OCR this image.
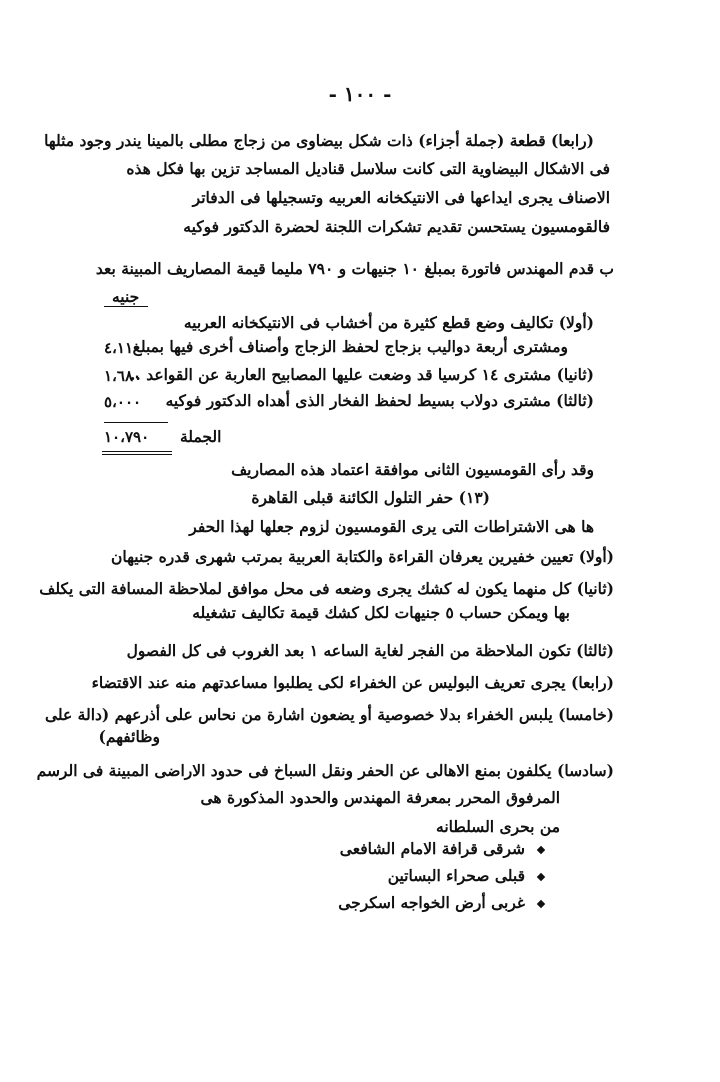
- ١٠٠ -
(رابعا) قطعة (جملة أجزاء) ذات شكل بيضاوى من زجاج مطلى بالمينا يندر وجود مثلها
فى الاشكال البيضاوية التى كانت سلاسل قناديل المساجد تزين بها فكل هذه
الاصناف يجرى ايداعها فى الانتيكخانه العربيه وتسجيلها فى الدفاتر
فالقومسيون يستحسن تقديم تشكرات اللجنة لحضرة الدكتور فوكيه
ب قدم المهندس فاتورة بمبلغ ١٠ جنيهات و ٧٩٠ مليما قيمة المصاريف المبينة بعد
جنيه
(أولا) تكاليف وضع قطع كثيرة من أخشاب فى الانتيكخانه العربيه
ومشترى أربعة دواليب بزجاج لحفظ الزجاج وأصناف أخرى فيها بمبلغ
٤،١١٠
(ثانيا) مشترى ١٤ كرسيا قد وضعت عليها المصابيح العاربة عن القواعد ..
١،٦٨٠
(ثالثا) مشترى دولاب بسيط لحفظ الفخار الذى أهداه الدكتور فوكيه
٥،٠٠٠
الجملة
١٠،٧٩٠
وقد رأى القومسيون الثانى موافقة اعتماد هذه المصاريف
(١٣) حفر التلول الكائنة قبلى القاهرة
ها هى الاشتراطات التى يرى القومسيون لزوم جعلها لهذا الحفر
(أولا) تعيين خفيرين يعرفان القراءة والكتابة العربية بمرتب شهرى قدره جنيهان
(ثانيا) كل منهما يكون له كشك يجرى وضعه فى محل موافق لملاحظة المسافة التى يكلف
بها ويمكن حساب ٥ جنيهات لكل كشك قيمة تكاليف تشغيله
(ثالثا) تكون الملاحظة من الفجر لغاية الساعه ١ بعد الغروب فى كل الفصول
(رابعا) يجرى تعريف البوليس عن الخفراء لكى يطلبوا مساعدتهم منه عند الاقتضاء
(خامسا) يلبس الخفراء بدلا خصوصية أو يضعون اشارة من نحاس على أذرعهم (دالة على
وظائفهم)
(سادسا) يكلفون بمنع الاهالى عن الحفر ونقل السباخ فى حدود الاراضى المبينة فى الرسم
المرفوق المحرر بمعرفة المهندس والحدود المذكورة هى
من بحرى السلطانه
شرقى قرافة الامام الشافعى
قبلى صحراء البساتين
غربى أرض الخواجه اسكرجى
